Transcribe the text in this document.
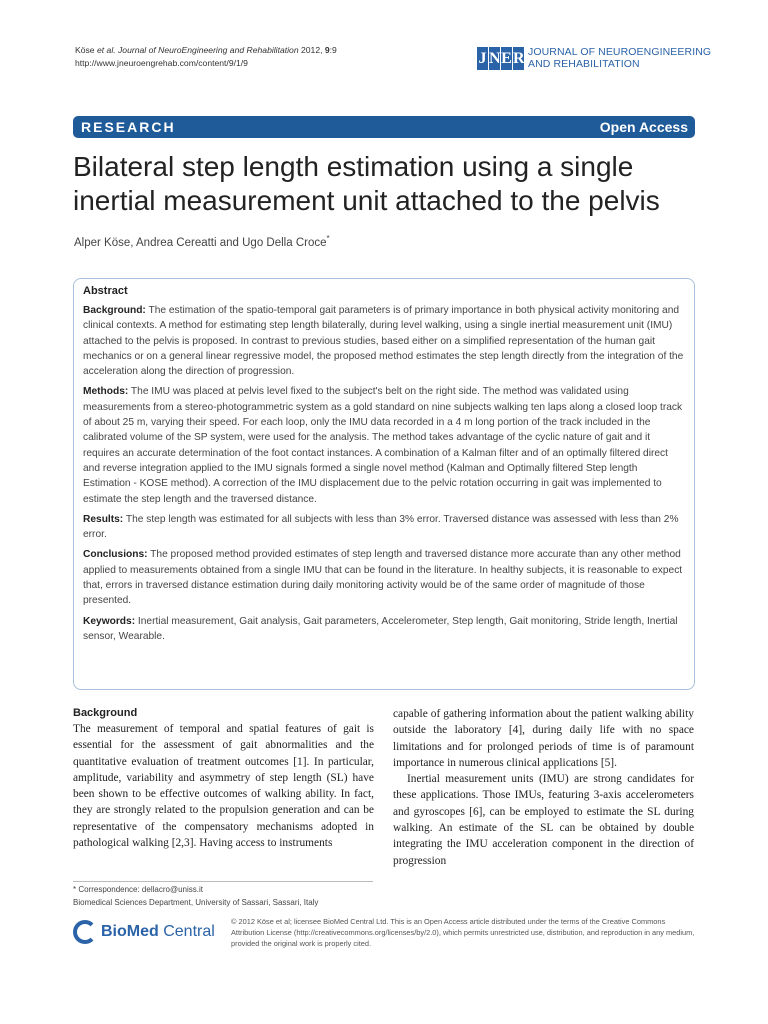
Köse et al. Journal of NeuroEngineering and Rehabilitation 2012, 9:9
http://www.jneuroengrehab.com/content/9/1/9	J N E R JOURNAL OF NEUROENGINEERING
AND REHABILITATION
RESEARCH	Open Access
Bilateral step length estimation using a single
inertial measurement unit attached to the pelvis
Alper Köse, Andrea Cereatti and Ugo Della Croce*
Abstract

Background: The estimation of the spatio-temporal gait parameters is of primary importance in both physical activity monitoring and clinical contexts. A method for estimating step length bilaterally, during level walking, using a single inertial measurement unit (IMU) attached to the pelvis is proposed. In contrast to previous studies, based either on a simplified representation of the human gait mechanics or on a general linear regressive model, the proposed method estimates the step length directly from the integration of the acceleration along the direction of progression.

Methods: The IMU was placed at pelvis level fixed to the subject's belt on the right side. The method was validated using measurements from a stereo-photogrammetric system as a gold standard on nine subjects walking ten laps along a closed loop track of about 25 m, varying their speed. For each loop, only the IMU data recorded in a 4 m long portion of the track included in the calibrated volume of the SP system, were used for the analysis. The method takes advantage of the cyclic nature of gait and it requires an accurate determination of the foot contact instances. A combination of a Kalman filter and of an optimally filtered direct and reverse integration applied to the IMU signals formed a single novel method (Kalman and Optimally filtered Step length Estimation - KOSE method). A correction of the IMU displacement due to the pelvic rotation occurring in gait was implemented to estimate the step length and the traversed distance.

Results: The step length was estimated for all subjects with less than 3% error. Traversed distance was assessed with less than 2% error.

Conclusions: The proposed method provided estimates of step length and traversed distance more accurate than any other method applied to measurements obtained from a single IMU that can be found in the literature. In healthy subjects, it is reasonable to expect that, errors in traversed distance estimation during daily monitoring activity would be of the same order of magnitude of those presented.

Keywords: Inertial measurement, Gait analysis, Gait parameters, Accelerometer, Step length, Gait monitoring, Stride length, Inertial sensor, Wearable.

Background

The measurement of temporal and spatial features of gait is essential for the assessment of gait abnormalities and the quantitative evaluation of treatment outcomes [1]. In particular, amplitude, variability and asymmetry of step length (SL) have been shown to be effective outcomes of walking ability. In fact, they are strongly related to the propulsion generation and can be representative of the compensatory mechanisms adopted in pathological walking [2,3]. Having access to instruments

capable of gathering information about the patient walking ability outside the laboratory [4], during daily life with no space limitations and for prolonged periods of time is of paramount importance in numerous clinical applications [5].

Inertial measurement units (IMU) are strong candidates for these applications. Those IMUs, featuring 3-axis accelerometers and gyroscopes [6], can be employed to estimate the SL during walking. An estimate of the SL can be obtained by double integrating the IMU acceleration component in the direction of progression

* Correspondence: dellacro@uniss.it
Biomedical Sciences Department, University of Sassari, Sassari, Italy
BioMed Central
© 2012 Köse et al; licensee BioMed Central Ltd. This is an Open Access article distributed under the terms of the Creative Commons Attribution License (http://creativecommons.org/licenses/by/2.0), which permits unrestricted use, distribution, and reproduction in any medium, provided the original work is properly cited.
